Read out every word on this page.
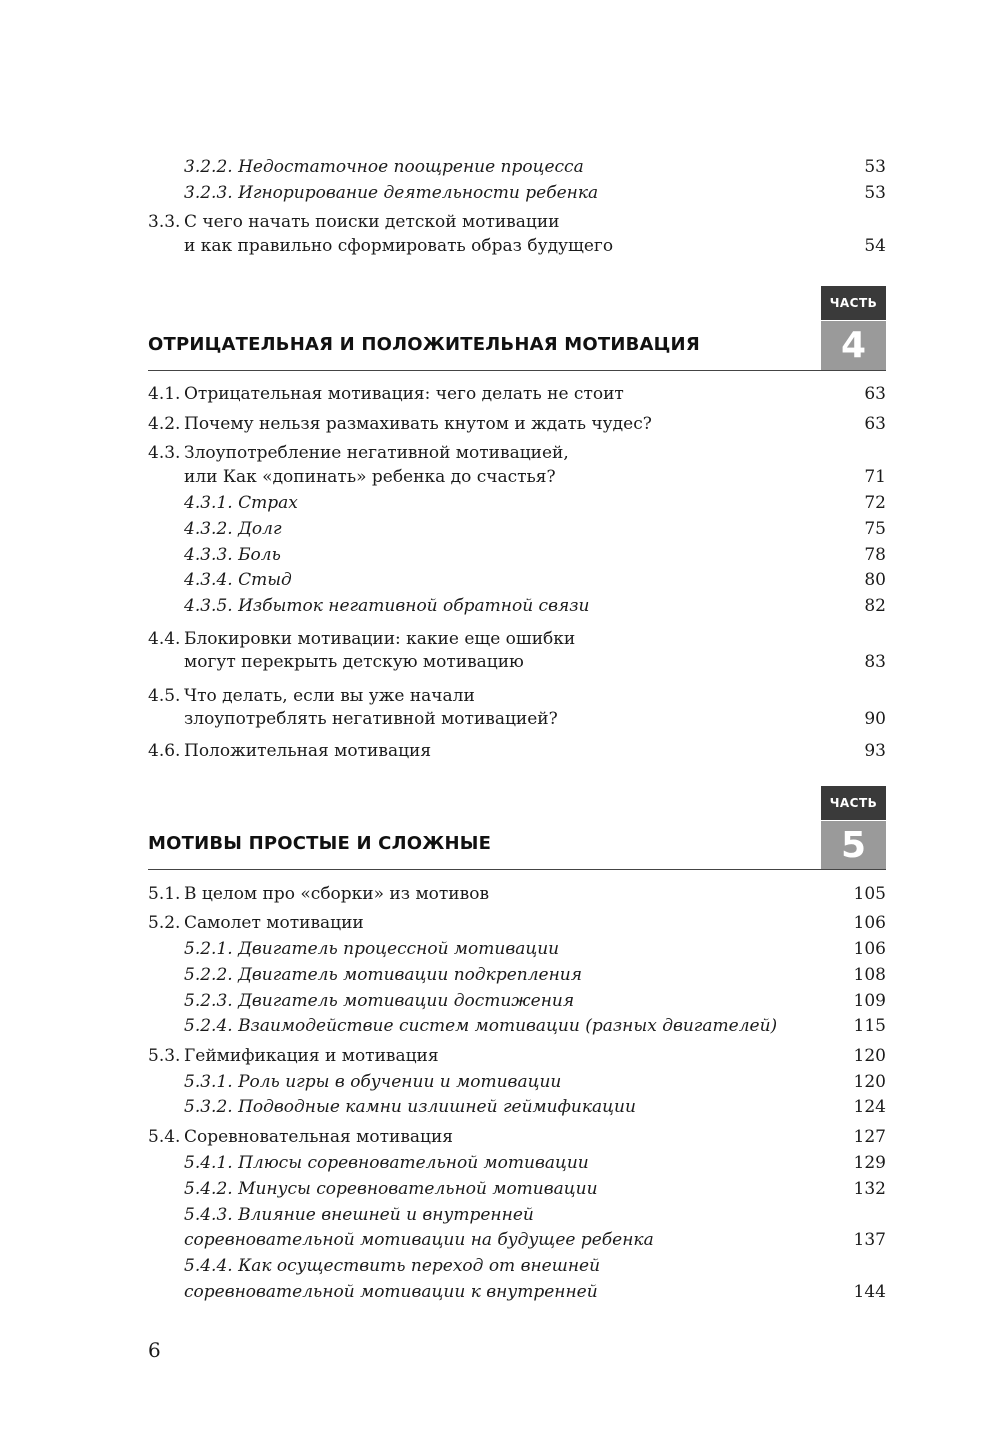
3.2.2. Недостаточное поощрение процесса	53
3.2.3. Игнорирование деятельности ребенка	53
3.3. С чего начать поиски детской мотивации
и как правильно сформировать образ будущего	54
ЧАСТЬ
4
ОТРИЦАТЕЛЬНАЯ И ПОЛОЖИТЕЛЬНАЯ МОТИВАЦИЯ
4.1. Отрицательная мотивация: чего делать не стоит	63
4.2. Почему нельзя размахивать кнутом и ждать чудес?	63
4.3. Злоупотребление негативной мотивацией,
или Как «допинать» ребенка до счастья?	71
4.3.1. Страх	72
4.3.2. Долг	75
4.3.3. Боль	78
4.3.4. Стыд	80
4.3.5. Избыток негативной обратной связи	82
4.4. Блокировки мотивации: какие еще ошибки
могут перекрыть детскую мотивацию	83
4.5. Что делать, если вы уже начали
злоупотреблять негативной мотивацией?	90
4.6. Положительная мотивация	93
ЧАСТЬ
5
МОТИВЫ ПРОСТЫЕ И СЛОЖНЫЕ
5.1. В целом про «сборки» из мотивов	105
5.2. Самолет мотивации	106
5.2.1. Двигатель процессной мотивации	106
5.2.2. Двигатель мотивации подкрепления	108
5.2.3. Двигатель мотивации достижения	109
5.2.4. Взаимодействие систем мотивации (разных двигателей)	115
5.3. Геймификация и мотивация	120
5.3.1. Роль игры в обучении и мотивации	120
5.3.2. Подводные камни излишней геймификации	124
5.4. Соревновательная мотивация	127
5.4.1. Плюсы соревновательной мотивации	129
5.4.2. Минусы соревновательной мотивации	132
5.4.3. Влияние внешней и внутренней
соревновательной мотивации на будущее ребенка	137
5.4.4. Как осуществить переход от внешней
соревновательной мотивации к внутренней	144
6
